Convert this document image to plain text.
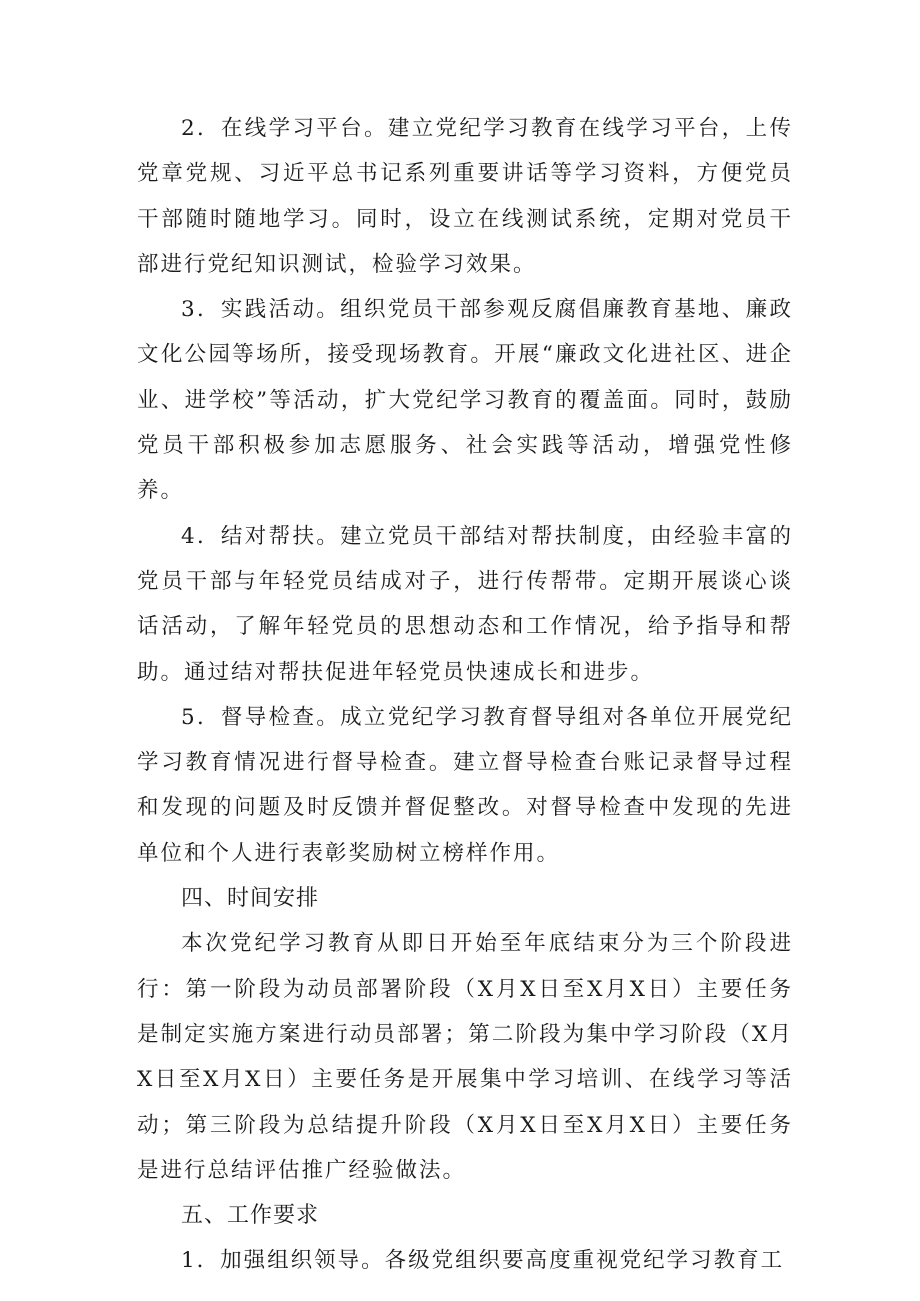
2．在线学习平台。建立党纪学习教育在线学习平台，上传党章党规、习近平总书记系列重要讲话等学习资料，方便党员干部随时随地学习。同时，设立在线测试系统，定期对党员干部进行党纪知识测试，检验学习效果。

3．实践活动。组织党员干部参观反腐倡廉教育基地、廉政文化公园等场所，接受现场教育。开展“廉政文化进社区、进企业、进学校”等活动，扩大党纪学习教育的覆盖面。同时，鼓励党员干部积极参加志愿服务、社会实践等活动，增强党性修养。

4．结对帮扶。建立党员干部结对帮扶制度，由经验丰富的党员干部与年轻党员结成对子，进行传帮带。定期开展谈心谈话活动，了解年轻党员的思想动态和工作情况，给予指导和帮助。通过结对帮扶促进年轻党员快速成长和进步。

5．督导检查。成立党纪学习教育督导组对各单位开展党纪学习教育情况进行督导检查。建立督导检查台账记录督导过程和发现的问题及时反馈并督促整改。对督导检查中发现的先进单位和个人进行表彰奖励树立榜样作用。

四、时间安排

本次党纪学习教育从即日开始至年底结束分为三个阶段进行：第一阶段为动员部署阶段（X月X日至X月X日）主要任务是制定实施方案进行动员部署；第二阶段为集中学习阶段（X月X日至X月X日）主要任务是开展集中学习培训、在线学习等活动；第三阶段为总结提升阶段（X月X日至X月X日）主要任务是进行总结评估推广经验做法。

五、工作要求

1．加强组织领导。各级党组织要高度重视党纪学习教育工
